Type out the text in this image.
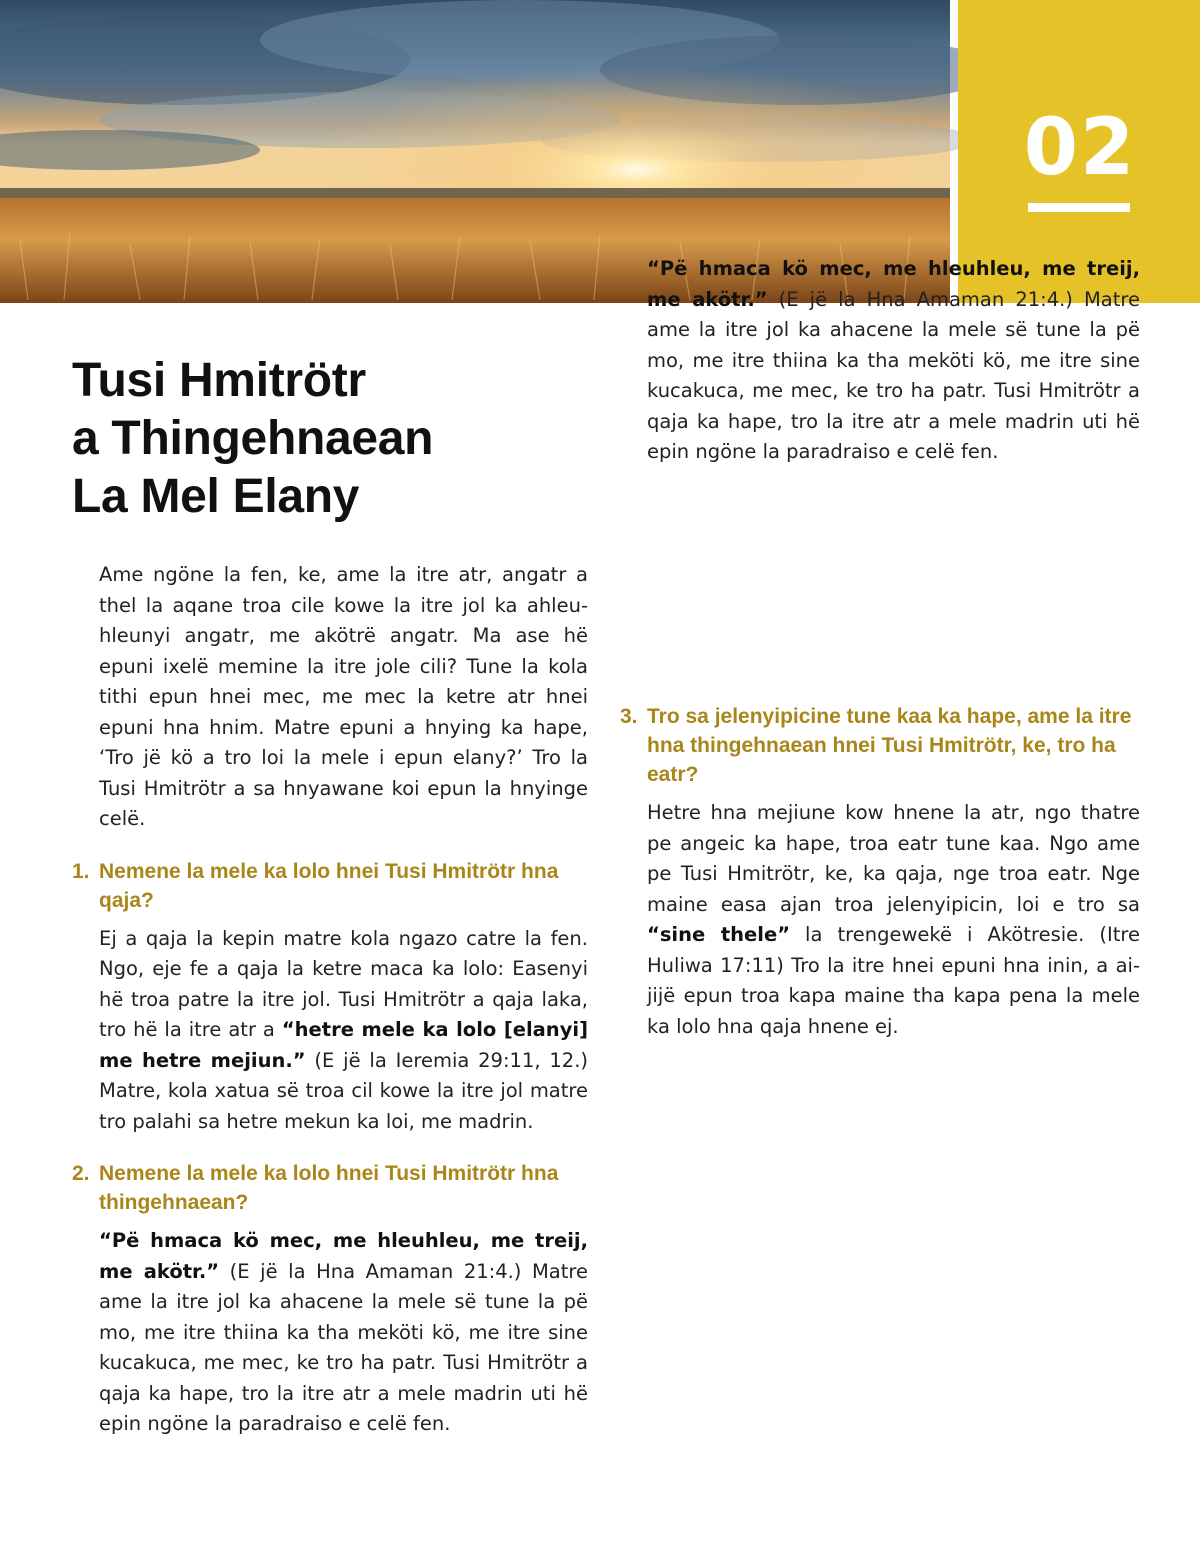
02
Tusi Hmitrötr
a Thingehnaean
La Mel Elany

Ame ngöne la fen, ke, ame la itre atr, angatr a thel la aqane troa cile kowe la itre jol ka ahleuhleunyi angatr, me akötrë angatr. Ma ase hë epuni ixelë memine la itre jole cili? Tune la kola tithi epun hnei mec, me mec la ketre atr hnei epuni hna hnim. Matre epuni a hnying ka hape, ‘Tro jë kö a tro loi la mele i epun elany?’ Tro la Tusi Hmitrötr a sa hnyawane koi epun la hnyinge celë.

1. Nemene la mele ka lolo hnei Tusi Hmitrötr hna qaja?

Ej a qaja la kepin matre kola ngazo catre la fen. Ngo, eje fe a qaja la ketre maca ka lolo: Easenyi hë troa patre la itre jol. Tusi Hmitrötr a qaja laka, tro hë la itre atr a “hetre mele ka lolo [elanyi] me hetre mejiun.” (E jë la Ieremia 29:11, 12.) Matre, kola xatua së troa cil kowe la itre jol matre tro palahi sa hetre mekun ka loi, me madrin.

2. Nemene la mele ka lolo hnei Tusi Hmitrötr hna thingehnaean?

“Pë hmaca kö mec, me hleuhleu, me treij, me akötr.” (E jë la Hna Amaman 21:4.) Matre ame la itre jol ka ahacene la mele së tune la pë mo, me itre thiina ka tha meköti kö, me itre sine kucakuca, me mec, ke tro ha patr. Tusi Hmitrötr a qaja ka hape, tro la itre atr a mele madrin uti hë epin ngöne la paradraiso e celë fen.

“Pë hmaca kö mec, me hleuhleu, me treij, me akötr.” (E jë la Hna Amaman 21:4.) Matre ame la itre jol ka ahacene la mele së tune la pë mo, me itre thiina ka tha meköti kö, me itre sine kucakuca, me mec, ke tro ha patr. Tusi Hmitrötr a qaja ka hape, tro la itre atr a mele madrin uti hë epin ngöne la paradraiso e celë fen.

3. Tro sa jelenyipicine tune kaa ka hape, ame la itre hna thingehnaean hnei Tusi Hmitrötr, ke, tro ha eatr?

Hetre hna mejiune kow hnene la atr, ngo thatre pe angeic ka hape, troa eatr tune kaa. Ngo ame pe Tusi Hmitrötr, ke, ka qaja, nge troa eatr. Nge maine easa ajan troa jelenyipicin, loi e tro sa “sine thele” la trengewekë i Akötresie. (Itre Huliwa 17:11) Tro la itre hnei epuni hna inin, a aijijë epun troa kapa maine tha kapa pena la mele ka lolo hna qaja hnene ej.
